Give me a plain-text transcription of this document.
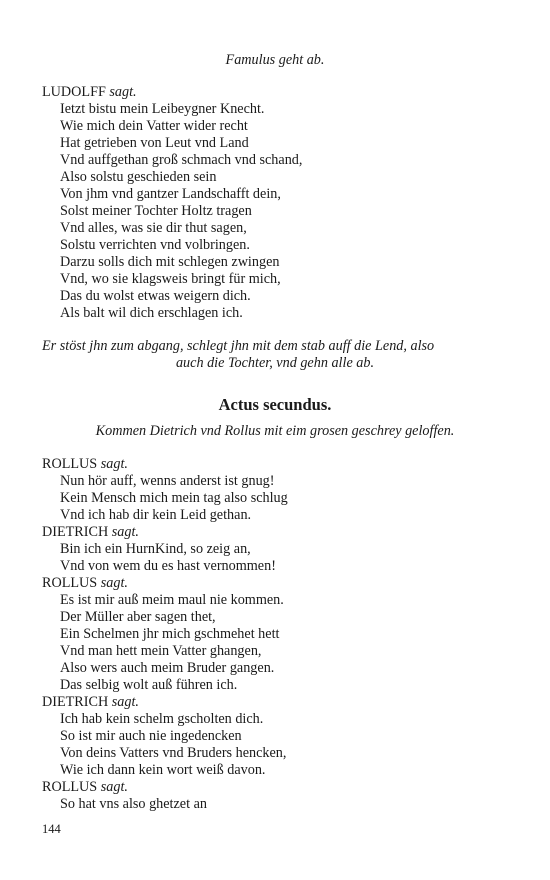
Famulus geht ab.
LUDOLFF sagt.
Ietzt bistu mein Leibeygner Knecht.
Wie mich dein Vatter wider recht
Hat getrieben von Leut vnd Land
Vnd auffgethan groß schmach vnd schand,
Also solstu geschieden sein
Von jhm vnd gantzer Landschafft dein,
Solst meiner Tochter Holtz tragen
Vnd alles, was sie dir thut sagen,
Solstu verrichten vnd volbringen.
Darzu solls dich mit schlegen zwingen
Vnd, wo sie klagsweis bringt für mich,
Das du wolst etwas weigern dich.
Als balt wil dich erschlagen ich.
Er stöst jhn zum abgang, schlegt jhn mit dem stab auff die Lend, also
auch die Tochter, vnd gehn alle ab.
Actus secundus.
Kommen Dietrich vnd Rollus mit eim grosen geschrey geloffen.
ROLLUS sagt.
Nun hör auff, wenns anderst ist gnug!
Kein Mensch mich mein tag also schlug
Vnd ich hab dir kein Leid gethan.
DIETRICH sagt.
Bin ich ein HurnKind, so zeig an,
Vnd von wem du es hast vernommen!
ROLLUS sagt.
Es ist mir auß meim maul nie kommen.
Der Müller aber sagen thet,
Ein Schelmen jhr mich gschmehet hett
Vnd man hett mein Vatter ghangen,
Also wers auch meim Bruder gangen.
Das selbig wolt auß führen ich.
DIETRICH sagt.
Ich hab kein schelm gscholten dich.
So ist mir auch nie ingedencken
Von deins Vatters vnd Bruders hencken,
Wie ich dann kein wort weiß davon.
ROLLUS sagt.
So hat vns also ghetzet an
144
